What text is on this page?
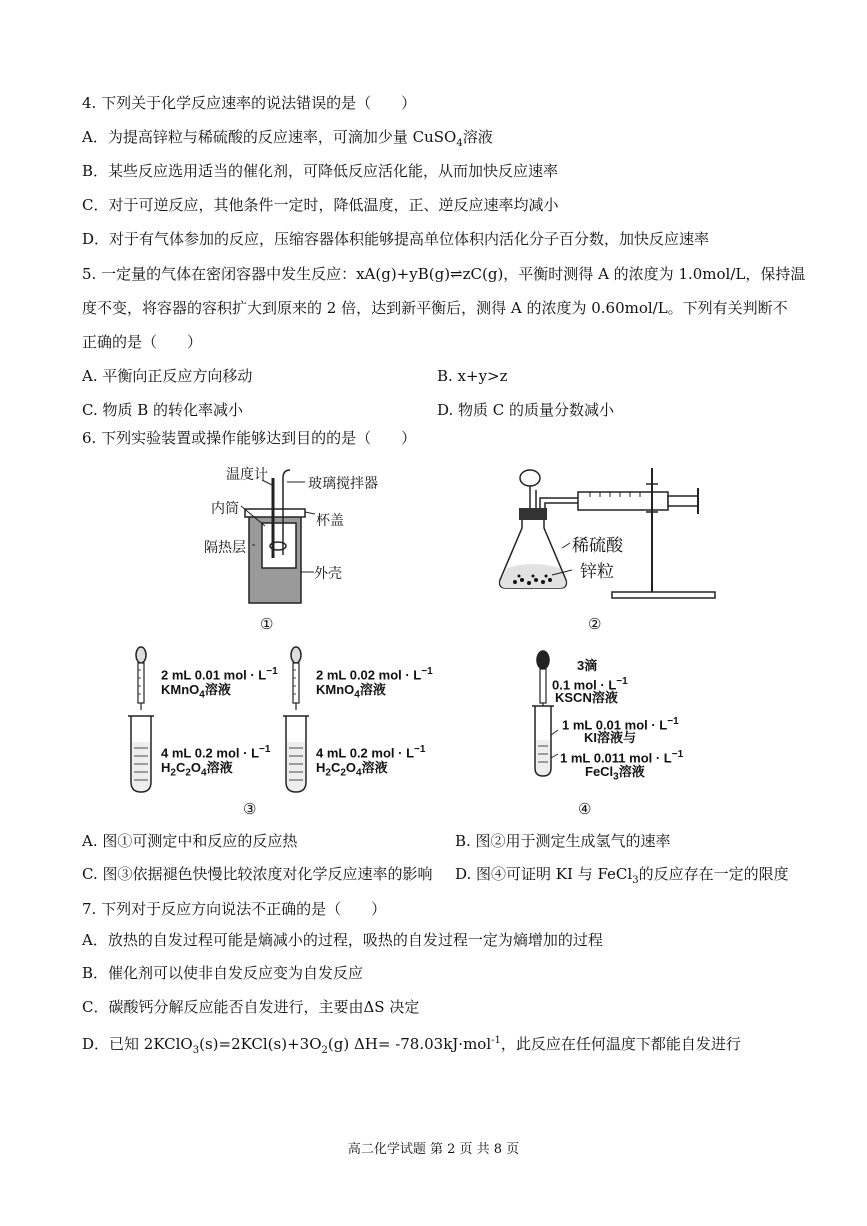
4. 下列关于化学反应速率的说法错误的是（　　）
A．为提高锌粒与稀硫酸的反应速率，可滴加少量 CuSO$_4$溶液
B．某些反应选用适当的催化剂，可降低反应活化能，从而加快反应速率
C．对于可逆反应，其他条件一定时，降低温度，正、逆反应速率均减小
D．对于有气体参加的反应，压缩容器体积能够提高单位体积内活化分子百分数，加快反应速率
5. 一定量的气体在密闭容器中发生反应：xA(g)+yB(g)⇌zC(g)，平衡时测得 A 的浓度为 1.0mol/L，保持温
度不变，将容器的容积扩大到原来的 2 倍，达到新平衡后，测得 A 的浓度为 0.60mol/L。下列有关判断不
正确的是（　　）
A. 平衡向正反应方向移动	B. x+y>z
C. 物质 B 的转化率减小	D. 物质 C 的质量分数减小
6. 下列实验装置或操作能够达到目的的是（　　）
温度计
玻璃搅拌器
内筒
杯盖
隔热层
外壳
①
稀硫酸
锌粒
②
2 mL 0.01 mol · $L^{-1}$
KMnO$_4$溶液
2 mL 0.02 mol · $L^{-1}$
KMnO$_4$溶液
4 mL 0.2 mol · $L^{-1}$
$H_2C_2O_4$溶液
4 mL 0.2 mol · $L^{-1}$
$H_2C_2O_4$溶液
③
3滴
0.1 mol · $L^{-1}$
KSCN溶液
1 mL 0.01 mol · $L^{-1}$
KI溶液与
1 mL 0.011 mol · $L^{-1}$
FeCl$_3$溶液
④
A. 图①可测定中和反应的反应热	B. 图②用于测定生成氢气的速率
C. 图③依据褪色快慢比较浓度对化学反应速率的影响 D. 图④可证明 KI 与 FeCl$_3$的反应存在一定的限度
7. 下列对于反应方向说法不正确的是（　　）
A．放热的自发过程可能是熵减小的过程，吸热的自发过程一定为熵增加的过程
B．催化剂可以使非自发反应变为自发反应
C．碳酸钙分解反应能否自发进行，主要由ΔS 决定
D．已知 $2KClO_3(s)=2KCl(s)+3O_2(g)$ ΔH= -78.03kJ·mol$^{-1}$，此反应在任何温度下都能自发进行
高二化学试题 第 2 页 共 8 页
